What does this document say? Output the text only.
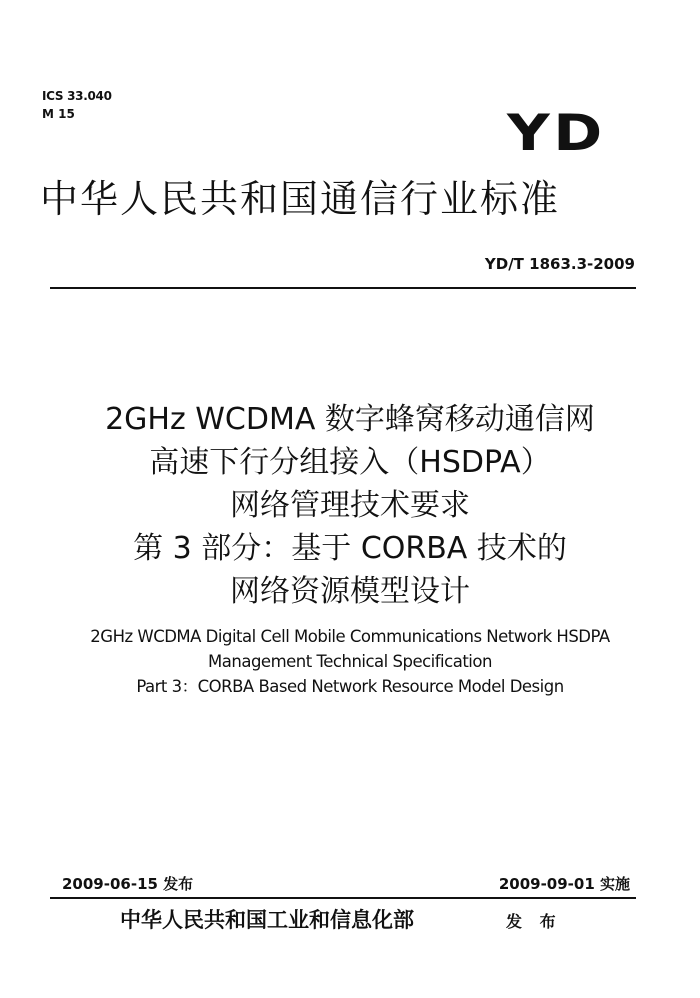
ICS 33.040
M 15	YD
中华人民共和国通信行业标准
YD/T 1863.3-2009
2GHz WCDMA 数字蜂窝移动通信网
高速下行分组接入（HSDPA）
网络管理技术要求
第 3 部分：基于 CORBA 技术的
网络资源模型设计
2GHz WCDMA Digital Cell Mobile Communications Network HSDPA
Management Technical Specification
Part 3：CORBA Based Network Resource Model Design
2009-06-15 发布	2009-09-01 实施
中华人民共和国工业和信息化部	发 布
